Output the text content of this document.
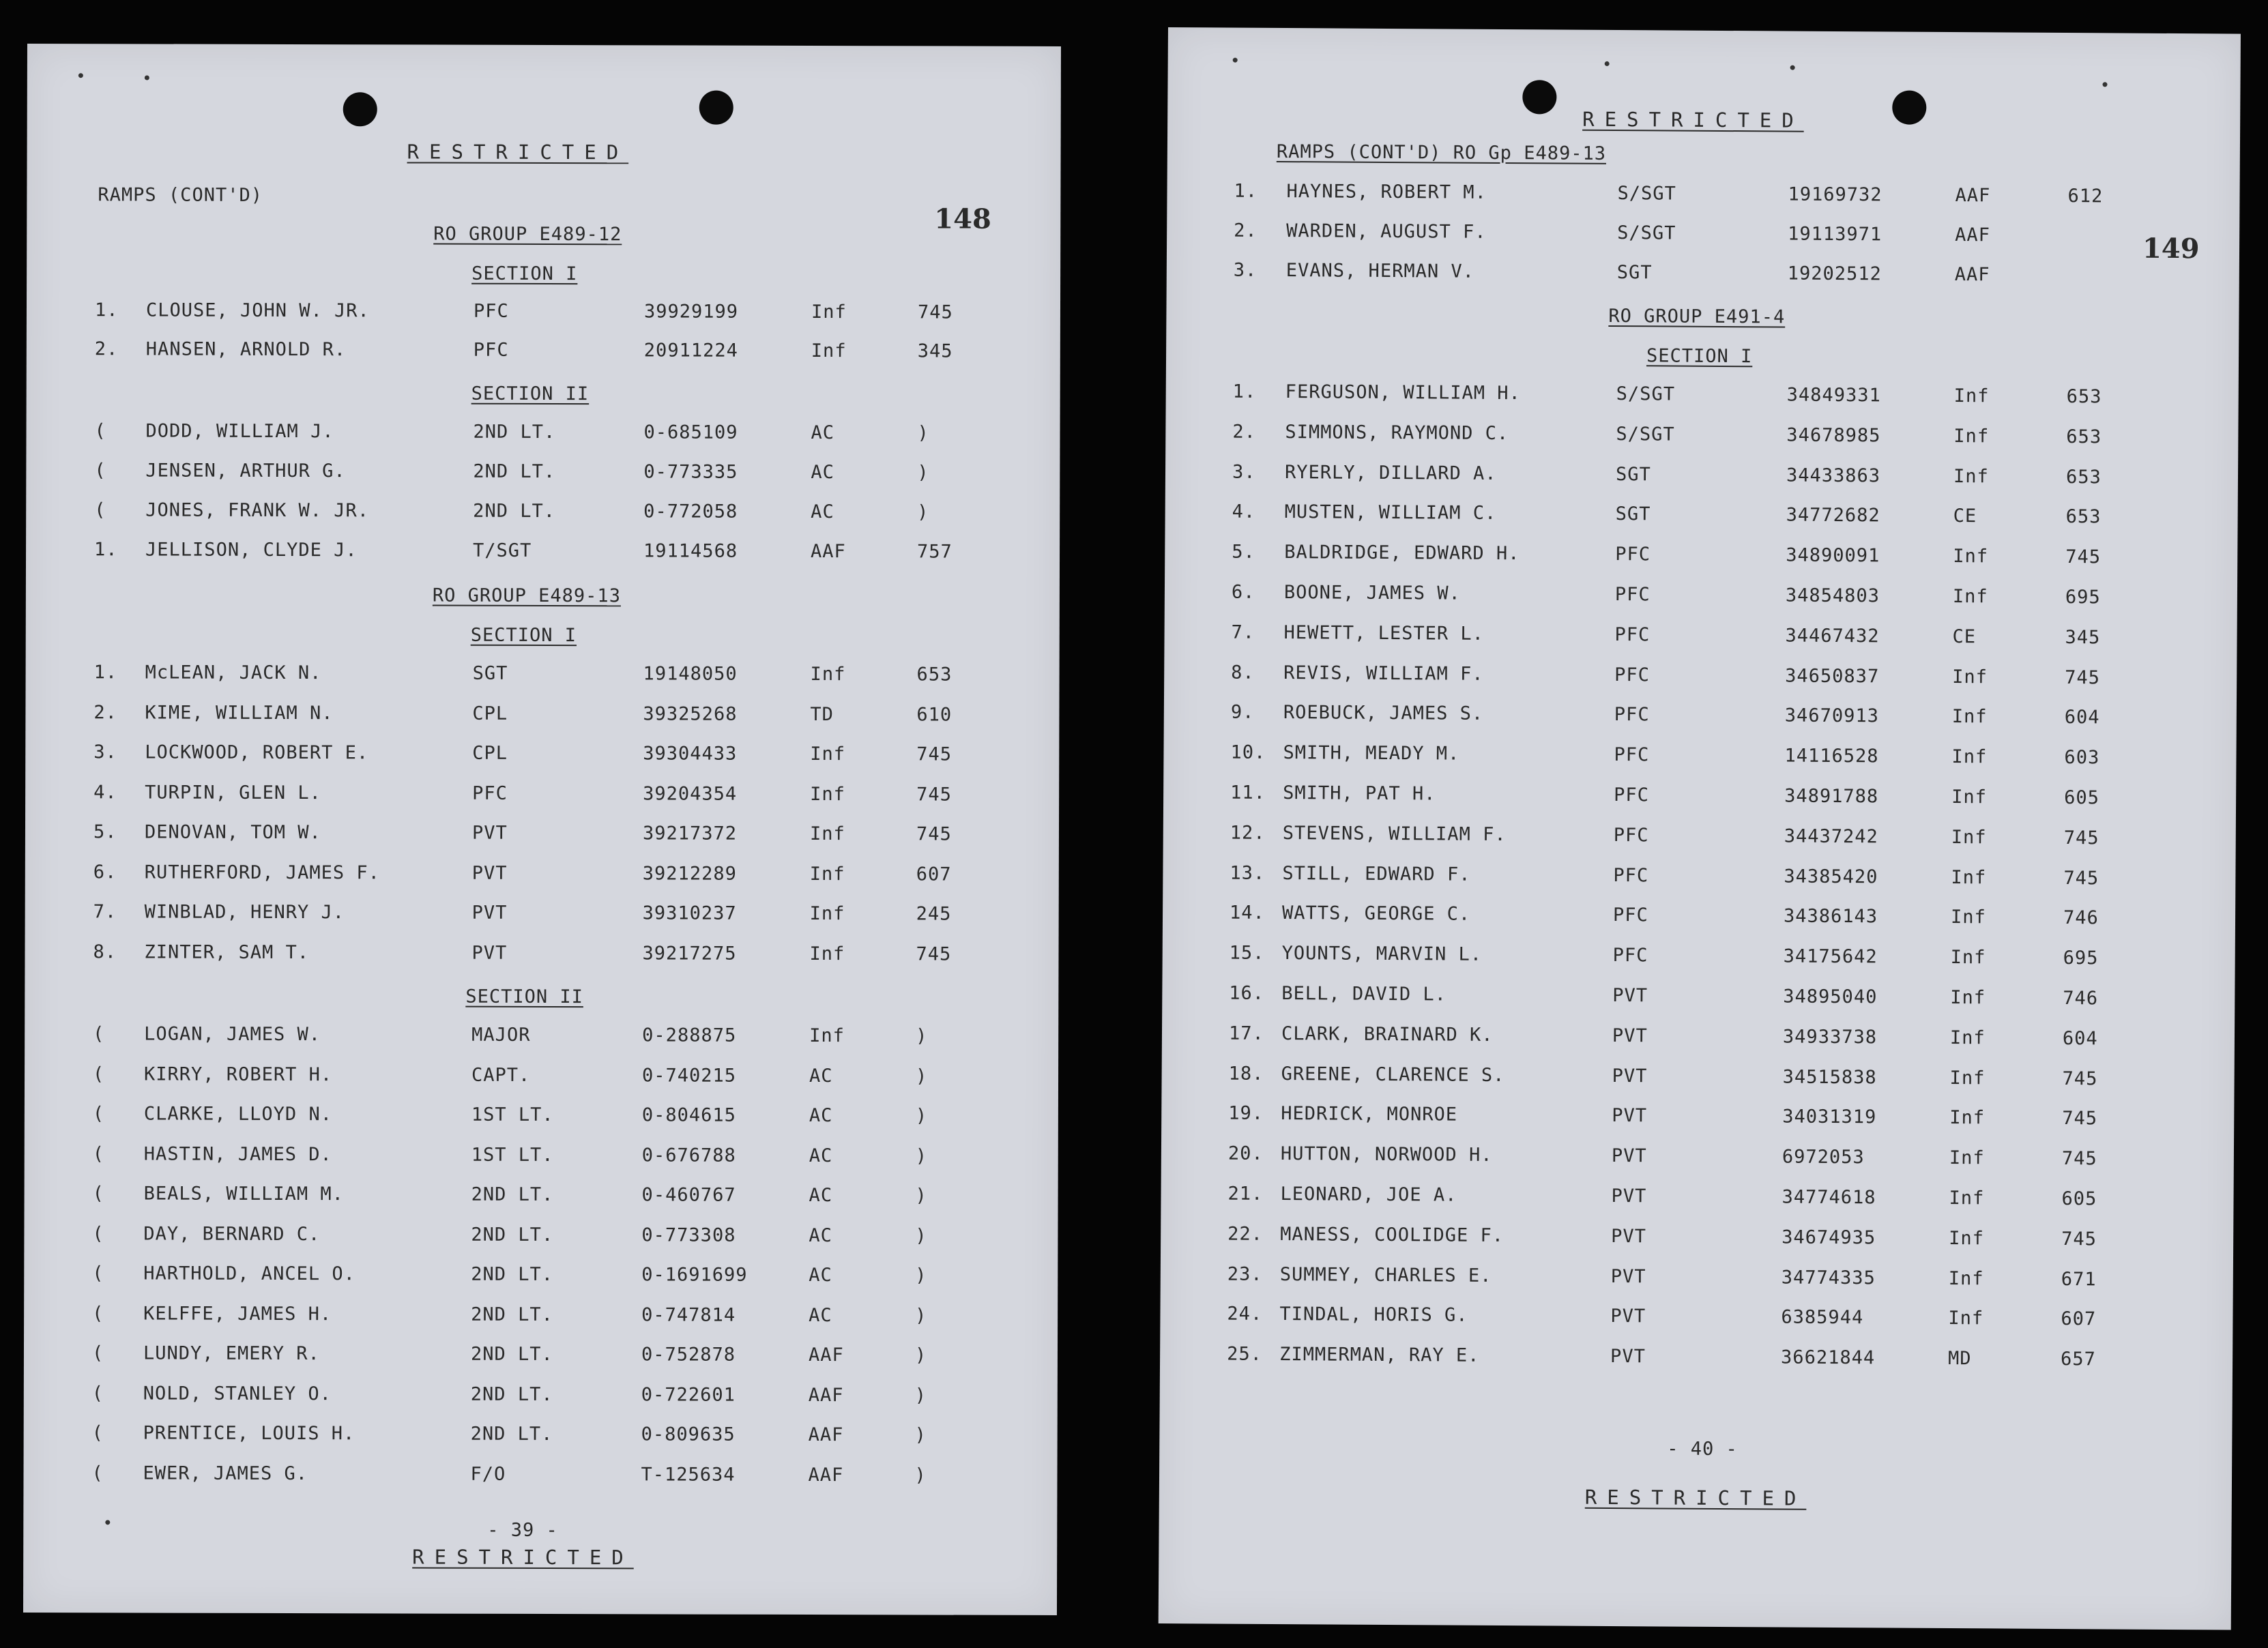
RESTRICTED
RAMPS (CONT'D)
148
RO GROUP E489-12
SECTION I
1. CLOUSE, JOHN W. JR.	PFC	39929199	Inf	745
2. HANSEN, ARNOLD R.	PFC	20911224	Inf	345
SECTION II
( DODD, WILLIAM J.	2ND LT.	0-685109	AC	)
( JENSEN, ARTHUR G.	2ND LT.	0-773335	AC	)
( JONES, FRANK W. JR.	2ND LT.	0-772058	AC	)
1. JELLISON, CLYDE J.	T/SGT	19114568	AAF	757
RO GROUP E489-13
SECTION I
1. McLEAN, JACK N.	SGT	19148050	Inf	653
2. KIME, WILLIAM N.	CPL	39325268	TD	610
3. LOCKWOOD, ROBERT E.	CPL	39304433	Inf	745
4. TURPIN, GLEN L.	PFC	39204354	Inf	745
5. DENOVAN, TOM W.	PVT	39217372	Inf	745
6. RUTHERFORD, JAMES F.	PVT	39212289	Inf	607
7. WINBLAD, HENRY J.	PVT	39310237	Inf	245
8. ZINTER, SAM T.	PVT	39217275	Inf	745
SECTION II
( LOGAN, JAMES W.	MAJOR	0-288875	Inf	)
( KIRRY, ROBERT H.	CAPT.	0-740215	AC	)
( CLARKE, LLOYD N.	1ST LT.	0-804615	AC	)
( HASTIN, JAMES D.	1ST LT.	0-676788	AC	)
( BEALS, WILLIAM M.	2ND LT.	0-460767	AC	)
( DAY, BERNARD C.	2ND LT.	0-773308	AC	)
( HARTHOLD, ANCEL O.	2ND LT.	0-1691699	AC	)
( KELFFE, JAMES H.	2ND LT.	0-747814	AC	)
( LUNDY, EMERY R.	2ND LT.	0-752878	AAF	)
( NOLD, STANLEY O.	2ND LT.	0-722601	AAF	)
( PRENTICE, LOUIS H.	2ND LT.	0-809635	AAF	)
( EWER, JAMES G.	F/O	T-125634	AAF	)
- 39 -
RESTRICTED
RESTRICTED
RAMPS (CONT'D) RO Gp E489-13
149
1. HAYNES, ROBERT M.	S/SGT	19169732	AAF	612
2. WARDEN, AUGUST F.	S/SGT	19113971	AAF
3. EVANS, HERMAN V.	SGT	19202512	AAF
RO GROUP E491-4
SECTION I
1. FERGUSON, WILLIAM H.	S/SGT	34849331	Inf	653
2. SIMMONS, RAYMOND C.	S/SGT	34678985	Inf	653
3. RYERLY, DILLARD A.	SGT	34433863	Inf	653
4. MUSTEN, WILLIAM C.	SGT	34772682	CE	653
5. BALDRIDGE, EDWARD H.	PFC	34890091	Inf	745
6. BOONE, JAMES W.	PFC	34854803	Inf	695
7. HEWETT, LESTER L.	PFC	34467432	CE	345
8. REVIS, WILLIAM F.	PFC	34650837	Inf	745
9. ROEBUCK, JAMES S.	PFC	34670913	Inf	604
10. SMITH, MEADY M.	PFC	14116528	Inf	603
11. SMITH, PAT H.	PFC	34891788	Inf	605
12. STEVENS, WILLIAM F.	PFC	34437242	Inf	745
13. STILL, EDWARD F.	PFC	34385420	Inf	745
14. WATTS, GEORGE C.	PFC	34386143	Inf	746
15. YOUNTS, MARVIN L.	PFC	34175642	Inf	695
16. BELL, DAVID L.	PVT	34895040	Inf	746
17. CLARK, BRAINARD K.	PVT	34933738	Inf	604
18. GREENE, CLARENCE S.	PVT	34515838	Inf	745
19. HEDRICK, MONROE	PVT	34031319	Inf	745
20. HUTTON, NORWOOD H.	PVT	6972053	Inf	745
21. LEONARD, JOE A.	PVT	34774618	Inf	605
22. MANESS, COOLIDGE F.	PVT	34674935	Inf	745
23. SUMMEY, CHARLES E.	PVT	34774335	Inf	671
24. TINDAL, HORIS G.	PVT	6385944	Inf	607
25. ZIMMERMAN, RAY E.	PVT	36621844	MD	657
- 40 -
RESTRICTED
